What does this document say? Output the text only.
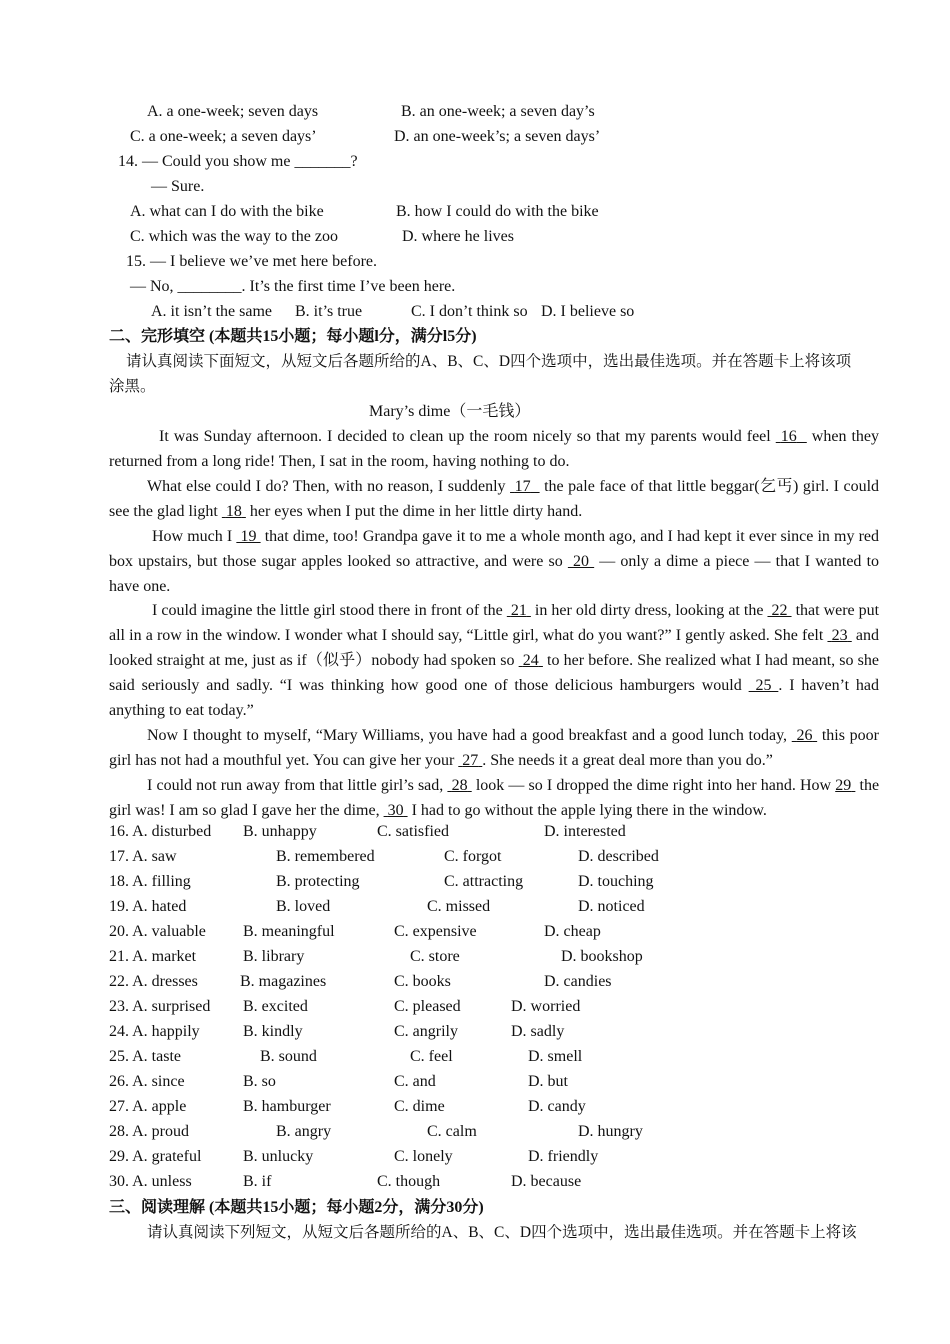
A. a one-week; seven days	B. an one-week; a seven day’s
C. a one-week; a seven days’	D. an one-week’s; a seven days’
14. — Could you show me _______?
— Sure.
A. what can I do with the bike	B. how I could do with the bike
C. which was the way to the zoo	D. where he lives
15. — I believe we’ve met here before.
— No, ________. It’s the first time I’ve been here.
A. it isn’t the same B. it’s true	C. I don’t think so D. I believe so
二、完形填空 (本题共15小题；每小题l分，满分l5分)
请认真阅读下面短文，从短文后各题所给的A、B、C、D四个选项中，选出最佳选项。并在答题卡上将该项
涂黑。
Mary’s dime（一毛钱）
It was Sunday afternoon. I decided to clean up the room nicely so that my parents would feel 16 when they returned from a long ride! Then, I sat in the room, having nothing to do.
What else could I do? Then, with no reason, I suddenly 17 the pale face of that little beggar(乞丐) girl. I could see the glad light 18 her eyes when I put the dime in her little dirty hand.
How much I 19 that dime, too! Grandpa gave it to me a whole month ago, and I had kept it ever since in my red box upstairs, but those sugar apples looked so attractive, and were so 20 — only a dime a piece — that I wanted to have one.
I could imagine the little girl stood there in front of the 21 in her old dirty dress, looking at the 22 that were put all in a row in the window. I wonder what I should say, “Little girl, what do you want?” I gently asked. She felt 23 and looked straight at me, just as if（似乎）nobody had spoken so 24 to her before. She realized what I had meant, so she said seriously and sadly. “I was thinking how good one of those delicious hamburgers would 25 . I haven’t had anything to eat today.”
Now I thought to myself, “Mary Williams, you have had a good breakfast and a good lunch today, 26 this poor girl has not had a mouthful yet. You can give her your 27 . She needs it a great deal more than you do.”
I could not run away from that little girl’s sad, 28 look — so I dropped the dime right into her hand. How 29 the girl was! I am so glad I gave her the dime, 30 I had to go without the apple lying there in the window.

16. A. disturbed B. unhappy	C. satisfied	D. interested

17. A. saw	B. remembered	C. forgot	D. described

18. A. filling	B. protecting	C. attracting	D. touching

19. A. hated	B. loved	C. missed	D. noticed

20. A. valuable B. meaningful	C. expensive	D. cheap

21. A. market	B. library	C. store	D. bookshop

22. A. dresses	B. magazines	C. books	D. candies

23. A. surprised B. excited	C. pleased	D. worried

24. A. happily	B. kindly	C. angrily	D. sadly

25. A. taste	B. sound	C. feel	D. smell

26. A. since	B. so	C. and	D. but

27. A. apple	B. hamburger	C. dime	D. candy

28. A. proud	B. angry	C. calm	D. hungry

29. A. grateful	B. unlucky	C. lonely	D. friendly

30. A. unless	B. if	C. though	D. because

三、阅读理解 (本题共15小题；每小题2分，满分30分)
请认真阅读下列短文，从短文后各题所给的A、B、C、D四个选项中，选出最佳选项。并在答题卡上将该
